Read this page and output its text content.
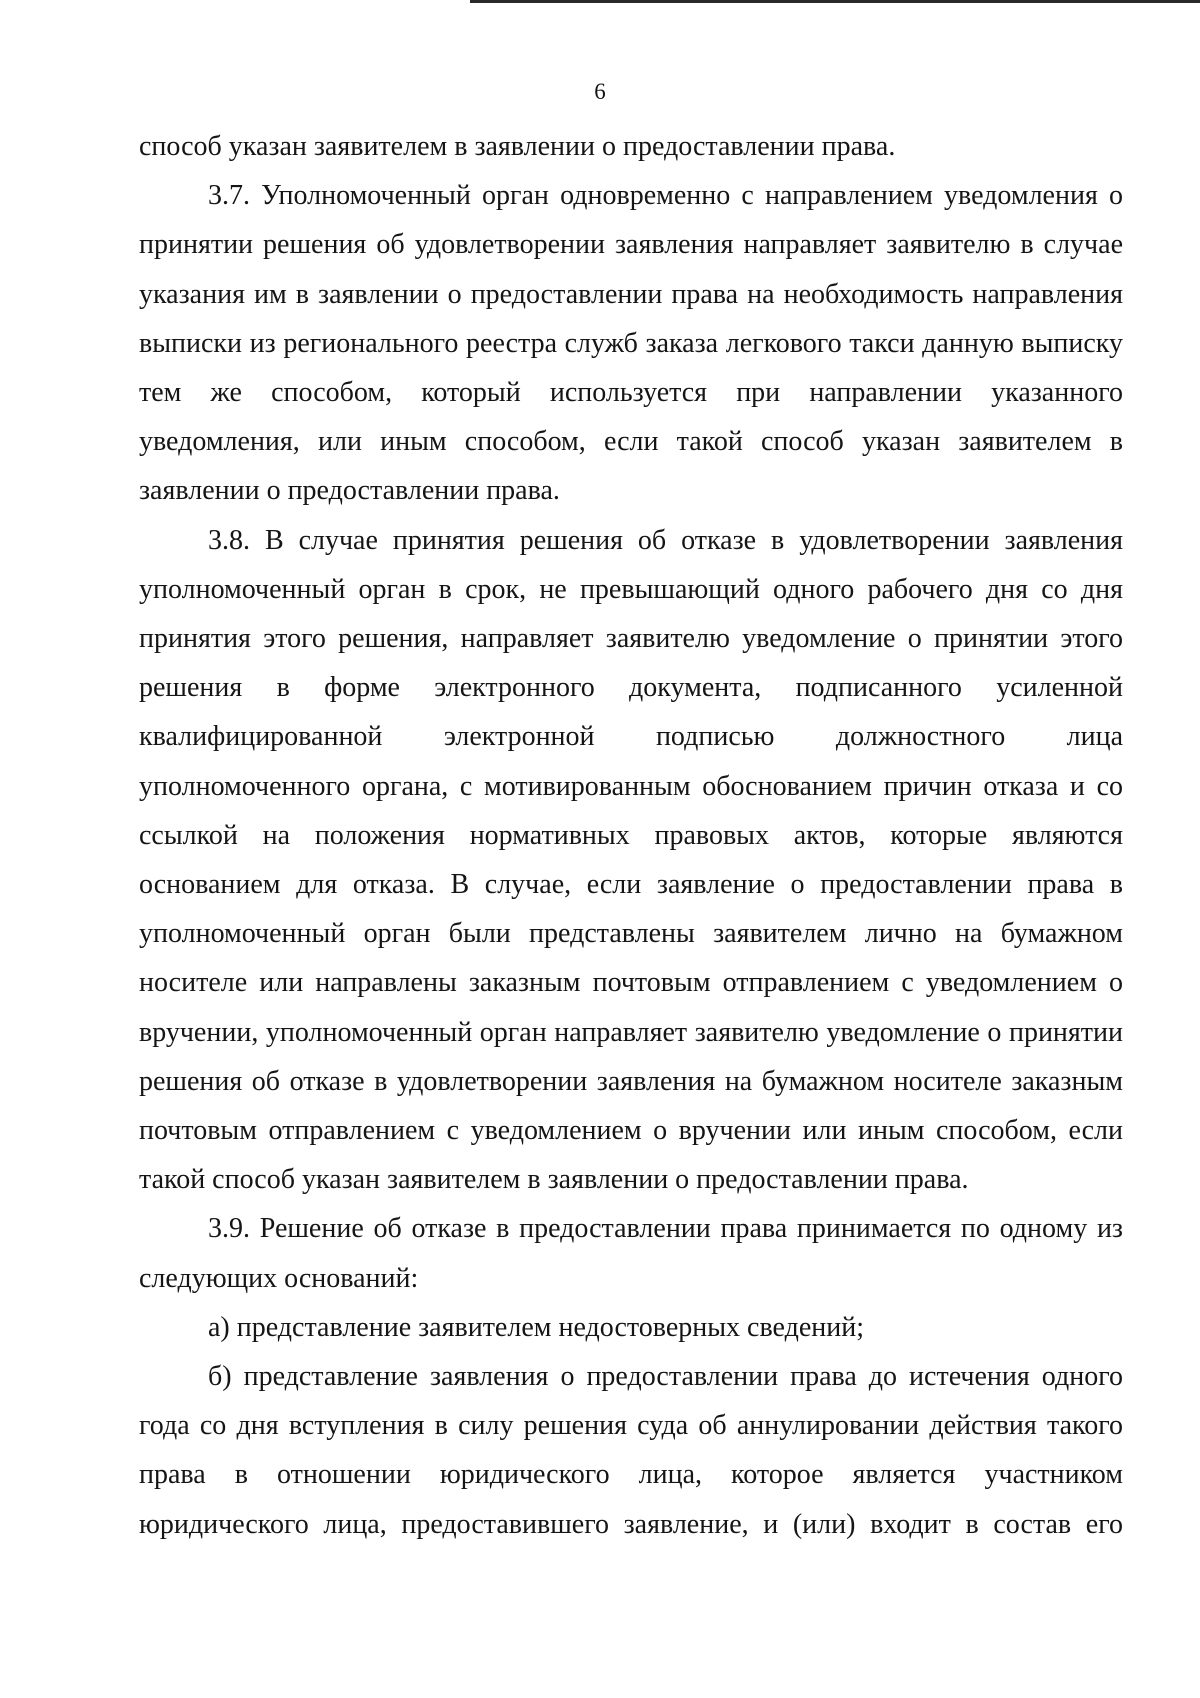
6

способ указан заявителем в заявлении о предоставлении права.

3.7. Уполномоченный орган одновременно с направлением уведомления о принятии решения об удовлетворении заявления направляет заявителю в случае указания им в заявлении о предоставлении права на необходимость направления выписки из регионального реестра служб заказа легкового такси данную выписку тем же способом, который используется при направлении указанного уведомления, или иным способом, если такой способ указан заявителем в заявлении о предоставлении права.

3.8. В случае принятия решения об отказе в удовлетворении заявления уполномоченный орган в срок, не превышающий одного рабочего дня со дня принятия этого решения, направляет заявителю уведомление о принятии этого решения в форме электронного документа, подписанного усиленной квалифицированной электронной подписью должностного лица уполномоченного органа, с мотивированным обоснованием причин отказа и со ссылкой на положения нормативных правовых актов, которые являются основанием для отказа. В случае, если заявление о предоставлении права в уполномоченный орган были представлены заявителем лично на бумажном носителе или направлены заказным почтовым отправлением с уведомлением о вручении, уполномоченный орган направляет заявителю уведомление о принятии решения об отказе в удовлетворении заявления на бумажном носителе заказным почтовым отправлением с уведомлением о вручении или иным способом, если такой способ указан заявителем в заявлении о предоставлении права.

3.9. Решение об отказе в предоставлении права принимается по одному из следующих оснований:

а) представление заявителем недостоверных сведений;

б) представление заявления о предоставлении права до истечения одного года со дня вступления в силу решения суда об аннулировании действия такого права в отношении юридического лица, которое является участником юридического лица, предоставившего заявление, и (или) входит в состав его
